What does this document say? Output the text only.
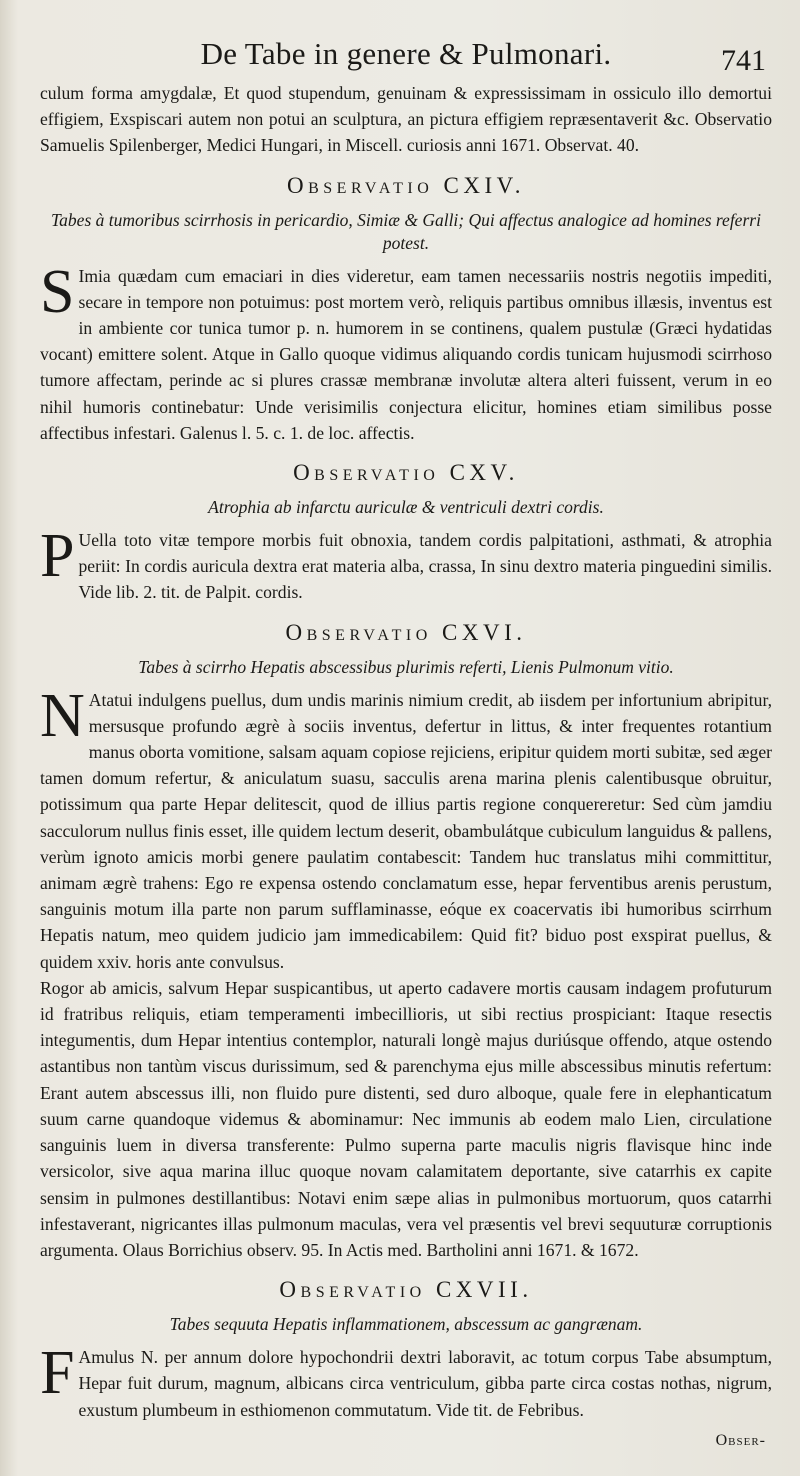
De Tabe in genere & Pulmonari.	741

culum forma amygdalæ, Et quod stupendum, genuinam & expressissimam in ossiculo illo demortui effigiem, Exspiscari autem non potui an sculptura, an pictura effigiem repræsentaverit &c. Observatio Samuelis Spilenberger, Medici Hungari, in Miscell. curiosis anni 1671. Observat. 40.

Observatio CXIV.
Tabes à tumoribus scirrhosis in pericardio, Simiæ & Galli; Qui affectus analogice ad homines referri potest.
S Imia quædam cum emaciari in dies videretur, eam tamen necessariis nostris negotiis impediti, secare in tempore non potuimus: post mortem verò, reliquis partibus omnibus illæsis, inventus est in ambiente cor tunica tumor p. n. humorem in se continens, qualem pustulæ (Græci hydatidas vocant) emittere solent. Atque in Gallo quoque vidimus aliquando cordis tunicam hujusmodi scirrhoso tumore affectam, perinde ac si plures crassæ membranæ involutæ altera alteri fuissent, verum in eo nihil humoris continebatur: Unde verisimilis conjectura elicitur, homines etiam similibus posse affectibus infestari. Galenus l. 5. c. 1. de loc. affectis.
Observatio CXV.
Atrophia ab infarctu auriculæ & ventriculi dextri cordis.
P Uella toto vitæ tempore morbis fuit obnoxia, tandem cordis palpitationi, asthmati, & atrophia periit: In cordis auricula dextra erat materia alba, crassa, In sinu dextro materia pinguedini similis. Vide lib. 2. tit. de Palpit. cordis.
Observatio CXVI.
Tabes à scirrho Hepatis abscessibus plurimis referti, Lienis Pulmonum vitio.
N Atatui indulgens puellus, dum undis marinis nimium credit, ab iisdem per infortunium abripitur, mersusque profundo ægrè à sociis inventus, defertur in littus, & inter frequentes rotantium manus oborta vomitione, salsam aquam copiose rejiciens, eripitur quidem morti subitæ, sed æger tamen domum refertur, & aniculatum suasu, sacculis arena marina plenis calentibusque obruitur, potissimum qua parte Hepar delitescit, quod de illius partis regione conquereretur: Sed cùm jamdiu sacculorum nullus finis esset, ille quidem lectum deserit, obambulátque cubiculum languidus & pallens, verùm ignoto amicis morbi genere paulatim contabescit: Tandem huc translatus mihi committitur, animam ægrè trahens: Ego re expensa ostendo conclamatum esse, hepar ferventibus arenis perustum, sanguinis motum illa parte non parum sufflaminasse, eóque ex coacervatis ibi humoribus scirrhum Hepatis natum, meo quidem judicio jam immedicabilem: Quid fit? biduo post exspirat puellus, & quidem xxiv. horis ante convulsus.

Rogor ab amicis, salvum Hepar suspicantibus, ut aperto cadavere mortis causam indagem profuturum id fratribus reliquis, etiam temperamenti imbecillioris, ut sibi rectius prospiciant: Itaque resectis integumentis, dum Hepar intentius contemplor, naturali longè majus duriúsque offendo, atque ostendo astantibus non tantùm viscus durissimum, sed & parenchyma ejus mille abscessibus minutis refertum: Erant autem abscessus illi, non fluido pure distenti, sed duro alboque, quale fere in elephanticatum suum carne quandoque videmus & abominamur: Nec immunis ab eodem malo Lien, circulatione sanguinis luem in diversa transferente: Pulmo superna parte maculis nigris flavisque hinc inde versicolor, sive aqua marina illuc quoque novam calamitatem deportante, sive catarrhis ex capite sensim in pulmones destillantibus: Notavi enim sæpe alias in pulmonibus mortuorum, quos catarrhi infestaverant, nigricantes illas pulmonum maculas, vera vel præsentis vel brevi sequuturæ corruptionis argumenta. Olaus Borrichius observ. 95. In Actis med. Bartholini anni 1671. & 1672.

Observatio CXVII.
Tabes sequuta Hepatis inflammationem, abscessum ac gangrænam.
F Amulus N. per annum dolore hypochondrii dextri laboravit, ac totum corpus Tabe absumptum, Hepar fuit durum, magnum, albicans circa ventriculum, gibba parte circa costas nothas, nigrum, exustum plumbeum in esthiomenon commutatum. Vide tit. de Febribus.
Obser-
